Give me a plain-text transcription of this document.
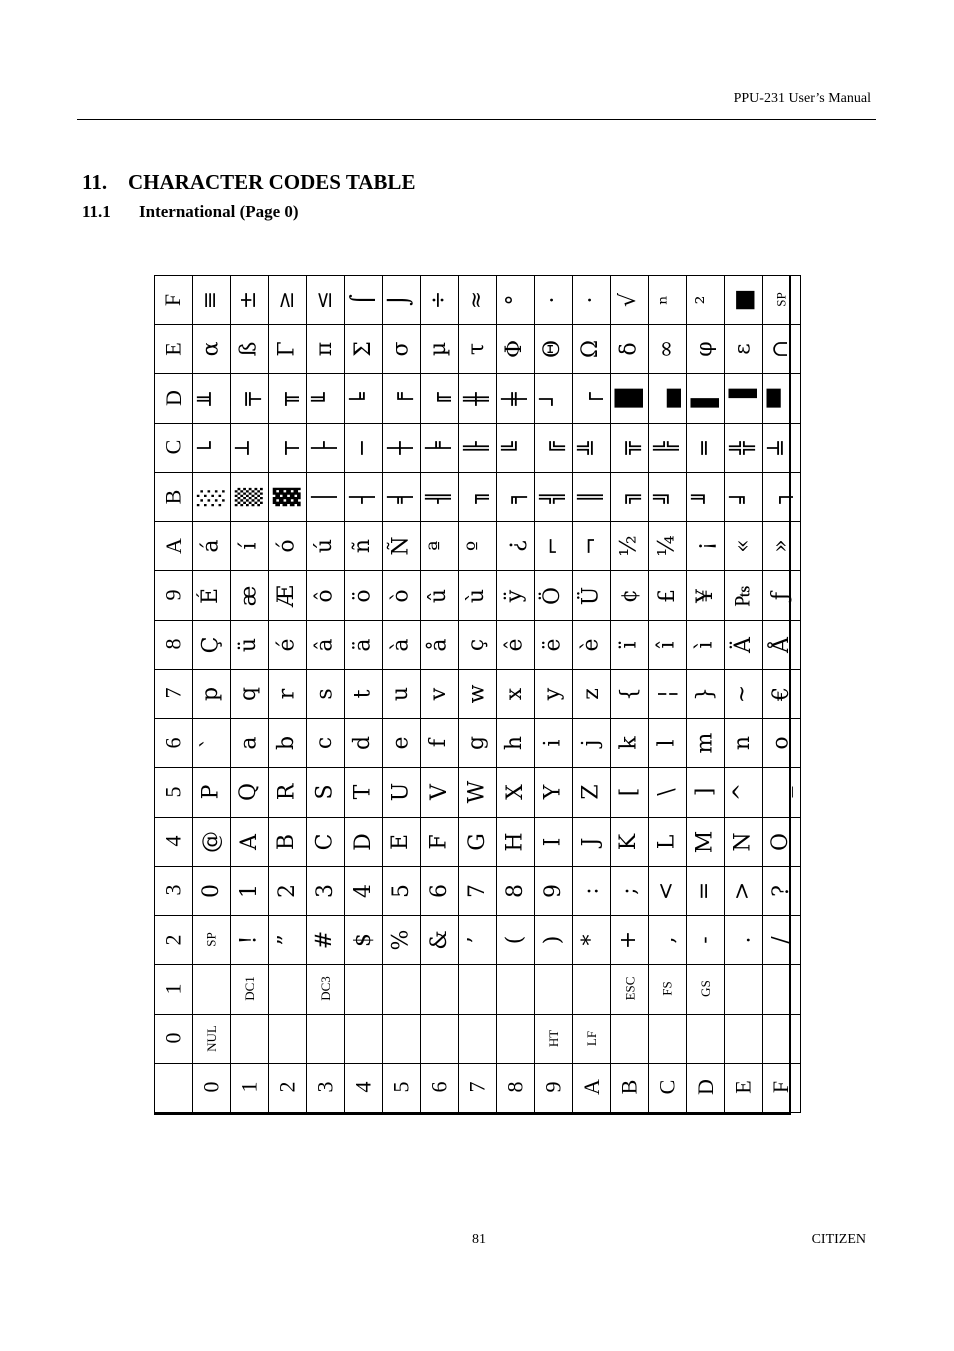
PPU-231 User’s Manual
11. CHARACTER CODES TABLE
11.1 International (Page 0)
F	≡	±	≥	≤	⌠	⌡	÷	≈	°	·	·	√	ⁿ	²	■	SP
E	α	ß	Γ	π	Σ	σ	µ	τ	Φ	Θ	Ω	δ	∞	φ	ε	∩
D	╨	╤	╥	╙	╘	╒	╓	╫	╪	┘	┌	█	▄	▌	▐	▀
C	└	┴	┬	├	─	┼	╞	╟	╚	╔	╩	╦	╠	═	╬	╧
B	░	▒	▓	│	┤	╡	╢	╖	╕	╣	║	╗	╝	╜	╛	┐
A	á	í	ó	ú	ñ	Ñ	ª	º	¿	⌐	¬	½	¼	¡	«	»
9	É	æ	Æ	ô	ö	ò	û	ù	ÿ	Ö	Ü	¢	£	¥	₧	ƒ
8	Ç	ü	é	â	ä	à	å	ç	ê	ë	è	ï	î	ì	Ä	Å
7	p	q	r	s	t	u	v	w	x	y	z	{	¦	}	~	€
6	`	a	b	c	d	e	f	g	h	i	j	k	l	m	n	o
5	P	Q	R	S	T	U	V	W	X	Y	Z	[	\	]	^	_
4	@	A	B	C	D	E	F	G	H	I	J	K	L	M	N	O
3	0	1	2	3	4	5	6	7	8	9	:	;	<	=	>	?
2	SP	!	”	#	$	%	&	’	(	)	*	+	,	-	.	/
1		DC1		DC3								ESC	FS	GS		
0	NUL									HT	LF					
	0	1	2	3	4	5	6	7	8	9	A	B	C	D	E	F
81	CITIZEN
